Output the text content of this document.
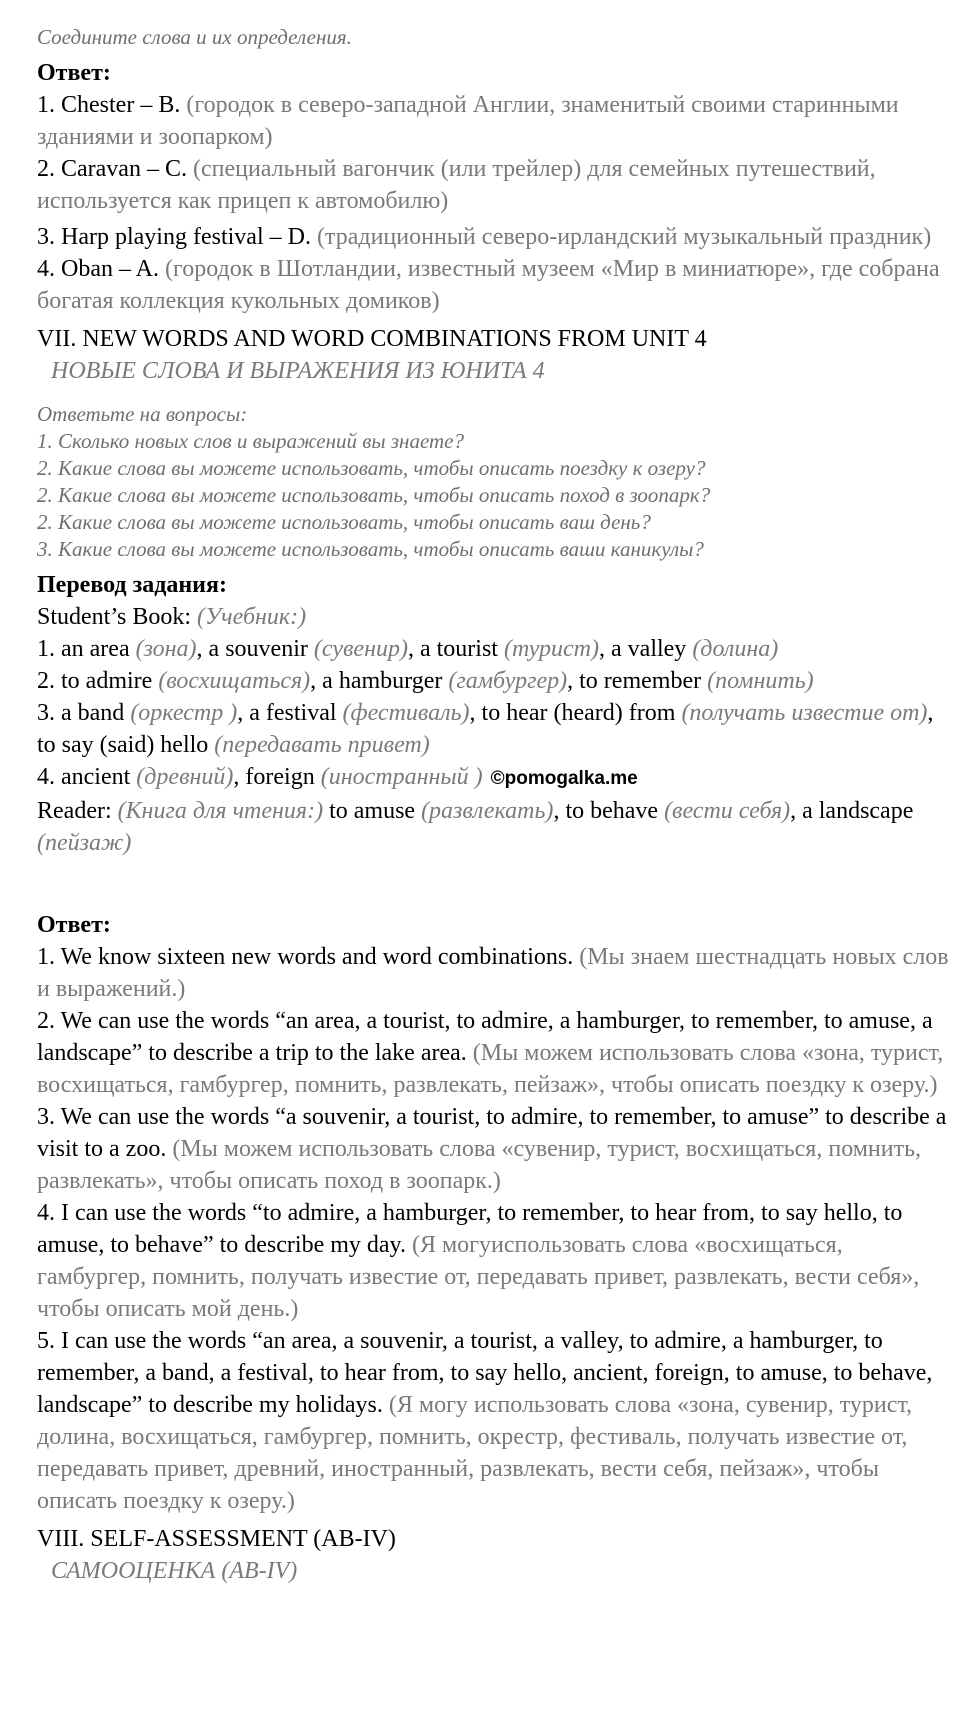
Соедините слова и их определения.

Ответ:

1. Chester – B. (городок в северо-западной Англии, знаменитый своими старинными зданиями и зоопарком)

2. Caravan – C. (специальный вагончик (или трейлер) для семейных путешествий, используется как прицеп к автомобилю)

3. Harp playing festival – D. (традиционный северо-ирландский музыкальный праздник)

4. Oban – A. (городок в Шотландии, известный музеем «Мир в миниатюре», где собрана богатая коллекция кукольных домиков)

VII. NEW WORDS AND WORD COMBINATIONS FROM UNIT 4

НОВЫЕ СЛОВА И ВЫРАЖЕНИЯ ИЗ ЮНИТА 4

Ответьте на вопросы:

1. Сколько новых слов и выражений вы знаете?

2. Какие слова вы можете использовать, чтобы описать поездку к озеру?

2. Какие слова вы можете использовать, чтобы описать поход в зоопарк?

2. Какие слова вы можете использовать, чтобы описать ваш день?

3. Какие слова вы можете использовать, чтобы описать ваши каникулы?

Перевод задания:

Student’s Book: (Учебник:)

1. an area (зона), a souvenir (сувенир), a tourist (турист), a valley (долина)

2. to admire (восхищаться), a hamburger (гамбургер), to remember (помнить)

3. a band (оркестр ), a festival (фестиваль), to hear (heard) from (получать известие от), to say (said) hello (передавать привет)

4. ancient (древний), foreign (иностранный ) ©pomogalka.me

Reader: (Книга для чтения:) to amuse (развлекать), to behave (вести себя), a landscape (пейзаж)

Ответ:

1. We know sixteen new words and word combinations. (Мы знаем шестнадцать новых слов и выражений.)

2. We can use the words “an area, a tourist, to admire, a hamburger, to remember, to amuse, a landscape” to describe a trip to the lake area. (Мы можем использовать слова «зона, турист, восхищаться, гамбургер, помнить, развлекать, пейзаж», чтобы описать поездку к озеру.)

3. We can use the words “a souvenir, a tourist, to admire, to remember, to amuse” to describe a visit to a zoo. (Мы можем использовать слова «сувенир, турист, восхищаться, помнить, развлекать», чтобы описать поход в зоопарк.)

4. I can use the words “to admire, a hamburger, to remember, to hear from, to say hello, to amuse, to behave” to describe my day. (Я могуиспользовать слова «восхищаться, гамбургер, помнить, получать известие от, передавать привет, развлекать, вести себя», чтобы описать мой день.)

5. I can use the words “an area, a souvenir, a tourist, a valley, to admire, a hamburger, to remember, a band, a festival, to hear from, to say hello, ancient, foreign, to amuse, to behave, landscape” to describe my holidays. (Я могу использовать слова «зона, сувенир, турист, долина, восхищаться, гамбургер, помнить, окрестр, фестиваль, получать известие от, передавать привет, древний, иностранный, развлекать, вести себя, пейзаж», чтобы описать поездку к озеру.)

VIII. SELF-ASSESSMENT (AB-IV)

САМООЦЕНКА (AB-IV)
